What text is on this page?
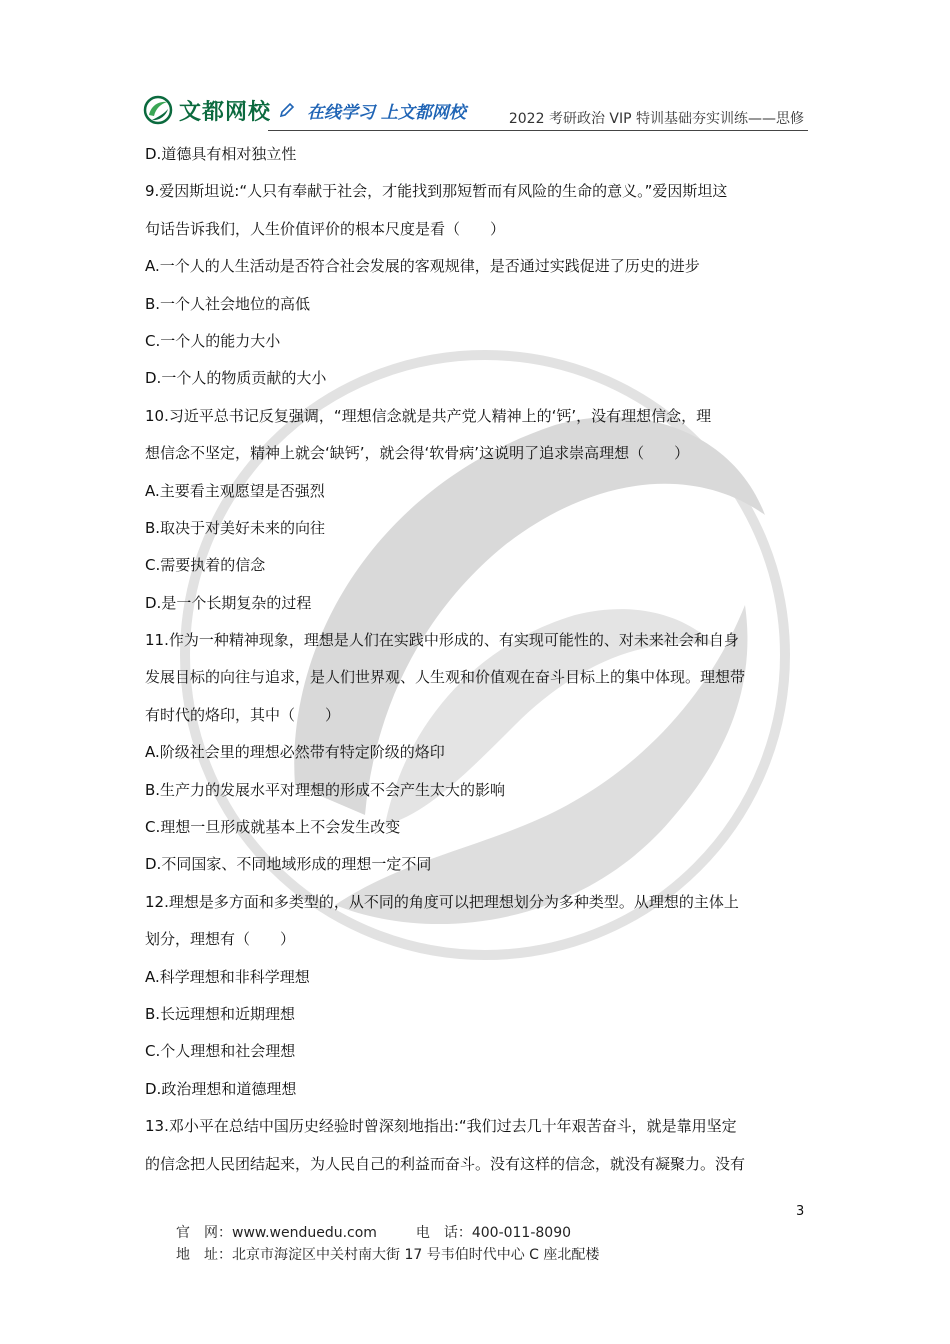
文都网校 在线学习 上文都网校	2022 考研政治 VIP 特训基础夯实训练——思修
D.道德具有相对独立性
9.爱因斯坦说:“人只有奉献于社会，才能找到那短暂而有风险的生命的意义。”爱因斯坦这
句话告诉我们，人生价值评价的根本尺度是看（　　）
A.一个人的人生活动是否符合社会发展的客观规律，是否通过实践促进了历史的进步
B.一个人社会地位的高低
C.一个人的能力大小
D.一个人的物质贡献的大小
10.习近平总书记反复强调，“理想信念就是共产党人精神上的‘钙’，没有理想信念，理
想信念不坚定，精神上就会‘缺钙’，就会得‘软骨病’这说明了追求崇高理想（　　）
A.主要看主观愿望是否强烈
B.取决于对美好未来的向往
C.需要执着的信念
D.是一个长期复杂的过程
11.作为一种精神现象，理想是人们在实践中形成的、有实现可能性的、对未来社会和自身
发展目标的向往与追求，是人们世界观、人生观和价值观在奋斗目标上的集中体现。理想带
有时代的烙印，其中（　　）
A.阶级社会里的理想必然带有特定阶级的烙印
B.生产力的发展水平对理想的形成不会产生太大的影响
C.理想一旦形成就基本上不会发生改变
D.不同国家、不同地域形成的理想一定不同
12.理想是多方面和多类型的，从不同的角度可以把理想划分为多种类型。从理想的主体上
划分，理想有（　　）
A.科学理想和非科学理想
B.长远理想和近期理想
C.个人理想和社会理想
D.政治理想和道德理想
13.邓小平在总结中国历史经验时曾深刻地指出:“我们过去几十年艰苦奋斗，就是靠用坚定
的信念把人民团结起来，为人民自己的利益而奋斗。没有这样的信念，就没有凝聚力。没有
3
官　网：www.wenduedu.com	电　话：400-011-8090
地　址：北京市海淀区中关村南大街 17 号韦伯时代中心 C 座北配楼
